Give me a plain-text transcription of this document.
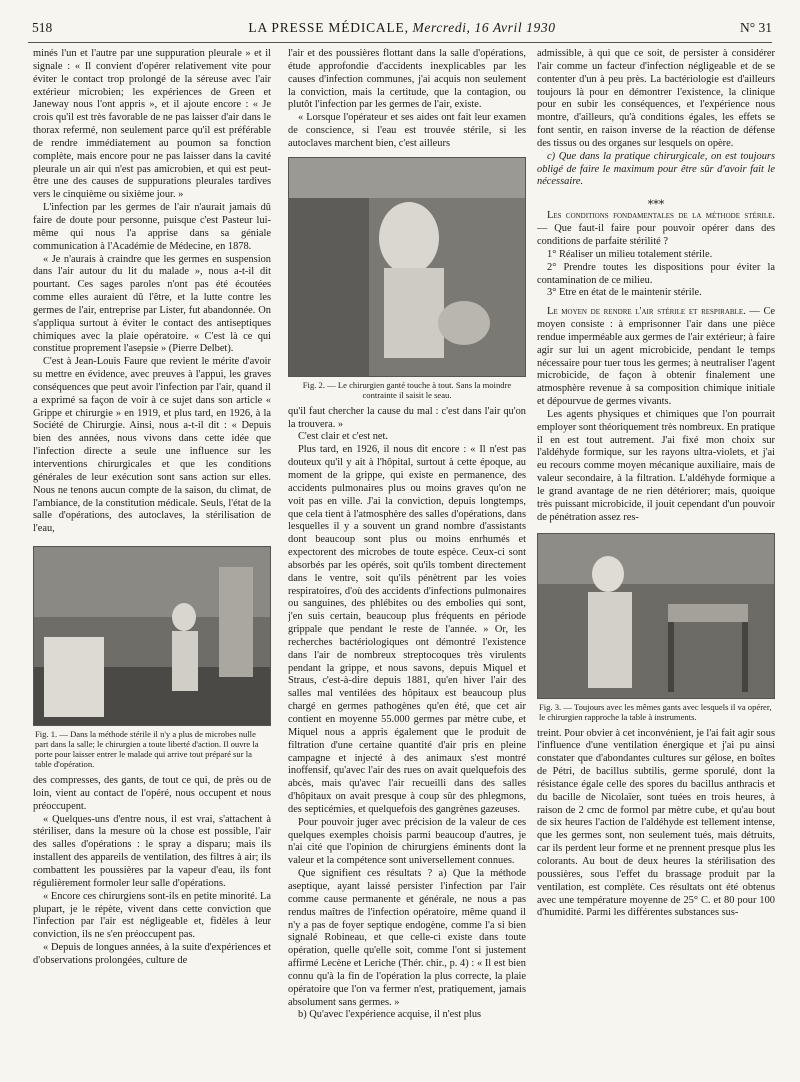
518	LA PRESSE MÉDICALE, Mercredi, 16 Avril 1930	N° 31

minés l'un et l'autre par une suppuration pleurale » et il signale : « Il convient d'opérer relativement vite pour éviter le contact trop prolongé de la séreuse avec l'air extérieur microbien; les expériences de Green et Janeway nous l'ont appris », et il ajoute encore : « Je crois qu'il est très favorable de ne pas laisser d'air dans le thorax refermé, non seulement parce qu'il est préférable de rendre immédiatement au poumon sa fonction complète, mais encore pour ne pas laisser dans la cavité pleurale un air qui n'est pas amicrobien, et qui est peut-être une des causes de suppurations pleurales tardives vers le cinquième ou sixième jour. »

L'infection par les germes de l'air n'aurait jamais dû faire de doute pour personne, puisque c'est Pasteur lui-même qui nous l'a apprise dans sa géniale communication à l'Académie de Médecine, en 1878.

« Je n'aurais à craindre que les germes en suspension dans l'air autour du lit du malade », nous a-t-il dit pourtant. Ces sages paroles n'ont pas été écoutées comme elles auraient dû l'être, et la lutte contre les germes de l'air, entreprise par Lister, fut abandonnée. On s'appliqua surtout à éviter le contact des antiseptiques chimiques avec la plaie opératoire. « C'est là ce qui constitue proprement l'asepsie » (Pierre Delbet).

C'est à Jean-Louis Faure que revient le mérite d'avoir su mettre en évidence, avec preuves à l'appui, les graves conséquences que peut avoir l'infection par l'air, quand il a exprimé sa façon de voir à ce sujet dans son article « Grippe et chirurgie » en 1919, et plus tard, en 1926, à la Société de Chirurgie. Ainsi, nous a-t-il dit : « Depuis bien des années, nous vivons dans cette idée que l'infection directe a seule une influence sur les interventions chirurgicales et que les conditions générales de leur exécution sont sans action sur elles. Nous ne tenons aucun compte de la saison, du climat, de l'ambiance, de la constitution médicale. Seuls, l'état de la salle d'opérations, des autoclaves, la stérilisation de l'eau,

Fig. 1. — Dans la méthode stérile il n'y a plus de microbes nulle part dans la salle; le chirurgien a toute liberté d'action. Il ouvre la porte pour laisser entrer le malade qui arrive tout préparé sur la table d'opération.

des compresses, des gants, de tout ce qui, de près ou de loin, vient au contact de l'opéré, nous occupent et nous préoccupent.

« Quelques-uns d'entre nous, il est vrai, s'attachent à stériliser, dans la mesure où la chose est possible, l'air des salles d'opérations : le spray a disparu; mais ils installent des appareils de ventilation, des filtres à air; ils combattent les poussières par la vapeur d'eau, ils font régulièrement formoler leur salle d'opérations.

« Encore ces chirurgiens sont-ils en petite minorité. La plupart, je le répète, vivent dans cette conviction que l'infection par l'air est négligeable et, fidèles à leur conviction, ils ne s'en préoccupent pas.

« Depuis de longues années, à la suite d'expériences et d'observations prolongées, culture de

l'air et des poussières flottant dans la salle d'opérations, étude approfondie d'accidents inexplicables par les causes d'infection communes, j'ai acquis non seulement la conviction, mais la certitude, que la contagion, ou plutôt l'infection par les germes de l'air, existe.

« Lorsque l'opérateur et ses aides ont fait leur examen de conscience, si l'eau est trouvée stérile, si les autoclaves marchent bien, c'est ailleurs

Fig. 2. — Le chirurgien ganté touche à tout. Sans la moindre contrainte il saisit le seau.

qu'il faut chercher la cause du mal : c'est dans l'air qu'on la trouvera. »

C'est clair et c'est net.

Plus tard, en 1926, il nous dit encore : « Il n'est pas douteux qu'il y ait à l'hôpital, surtout à cette époque, au moment de la grippe, qui existe en permanence, des accidents pulmonaires plus ou moins graves qu'on ne voit pas en ville. J'ai la conviction, depuis longtemps, que cela tient à l'atmosphère des salles d'opérations, dans lesquelles il y a souvent un grand nombre d'assistants dont beaucoup sont plus ou moins enrhumés et expectorent des microbes de toute espèce. Ceux-ci sont absorbés par les opérés, soit qu'ils tombent directement dans le ventre, soit qu'ils pénètrent par les voies respiratoires, d'où des accidents d'infections pulmonaires ou sanguines, des phlébites ou des embolies qui sont, j'en suis certain, beaucoup plus fréquents en période grippale que pendant le reste de l'année. » Or, les recherches bactériologiques ont démontré l'existence dans l'air de nombreux streptocoques très virulents pendant la grippe, et nous savons, depuis Miquel et Straus, c'est-à-dire depuis 1881, qu'en hiver l'air des salles mal ventilées des hôpitaux est beaucoup plus chargé en germes pathogènes qu'en été, que cet air contient en moyenne 55.000 germes par mètre cube, et Miquel nous a appris également que le produit de filtration d'une certaine quantité d'air pris en pleine campagne et injecté à des animaux s'est montré inoffensif, qu'avec l'air des rues on avait quelquefois des abcès, mais qu'avec l'air recueilli dans des salles d'hôpitaux on avait presque à coup sûr des phlegmons, des septicémies, et quelquefois des gangrènes gazeuses.

Pour pouvoir juger avec précision de la valeur de ces quelques exemples choisis parmi beaucoup d'autres, je n'ai cité que l'opinion de chirurgiens éminents dont la valeur et la compétence sont universellement connues.

Que signifient ces résultats ? a) Que la méthode aseptique, ayant laissé persister l'infection par l'air comme cause permanente et générale, ne nous a pas rendus maîtres de l'infection opératoire, même quand il n'y a pas de foyer septique endogène, comme l'a si bien signalé Robineau, et que celle-ci existe dans toute opération, quelle qu'elle soit, comme l'ont si justement affirmé Lecène et Leriche (Thér. chir., p. 4) : « Il est bien connu qu'à la fin de l'opération la plus correcte, la plaie opératoire que l'on va fermer n'est, pratiquement, jamais absolument sans germes. »

b) Qu'avec l'expérience acquise, il n'est plus

admissible, à qui que ce soit, de persister à considérer l'air comme un facteur d'infection négligeable et de se contenter d'un à peu près. La bactériologie est d'ailleurs toujours là pour en démontrer l'existence, la clinique pour en subir les conséquences, et l'expérience nous montre, d'ailleurs, qu'à conditions égales, les effets se font sentir, en raison inverse de la réaction de défense des tissus ou des organes sur lesquels on opère.

c) Que dans la pratique chirurgicale, on est toujours obligé de faire le maximum pour être sûr d'avoir fait le nécessaire.

⁎⁎⁎

Les conditions fondamentales de la méthode stérile. — Que faut-il faire pour pouvoir opérer dans des conditions de parfaite stérilité ?

1° Réaliser un milieu totalement stérile.

2° Prendre toutes les dispositions pour éviter la contamination de ce milieu.

3° Etre en état de le maintenir stérile.

Le moyen de rendre l'air stérile et respirable. — Ce moyen consiste : à emprisonner l'air dans une pièce rendue imperméable aux germes de l'air extérieur; à faire agir sur lui un agent microbicide, pendant le temps nécessaire pour tuer tous les germes; à neutraliser l'agent microbicide, de façon à obtenir finalement une atmosphère revenue à sa composition chimique initiale et dépourvue de germes vivants.

Les agents physiques et chimiques que l'on pourrait employer sont théoriquement très nombreux. En pratique il en est tout autrement. J'ai fixé mon choix sur l'aldéhyde formique, sur les rayons ultra-violets, et j'ai eu recours comme moyen mécanique auxiliaire, mais de valeur secondaire, à la filtration. L'aldéhyde formique a le grand avantage de ne rien détériorer; mais, quoique très puissant microbicide, il jouit cependant d'un pouvoir de pénétration assez res-

Fig. 3. — Toujours avec les mêmes gants avec lesquels il va opérer, le chirurgien rapproche la table à instruments.

treint. Pour obvier à cet inconvénient, je l'ai fait agir sous l'influence d'une ventilation énergique et j'ai pu ainsi constater que d'abondantes cultures sur gélose, en boîtes de Pétri, de bacillus subtilis, germe sporulé, dont la résistance égale celle des spores du bacillus anthracis et du bacille de Nicolaïer, sont tuées en trois heures, à raison de 2 cmc de formol par mètre cube, et qu'au bout de six heures l'action de l'aldéhyde est tellement intense, que les germes sont, non seulement tués, mais détruits, car ils perdent leur forme et ne prennent presque plus les colorants. Au bout de deux heures la stérilisation des poussières, sous l'effet du brassage produit par la ventilation, est complète. Ces résultats ont été obtenus avec une température moyenne de 25° C. et 80 pour 100 d'humidité. Parmi les différentes substances sus-
